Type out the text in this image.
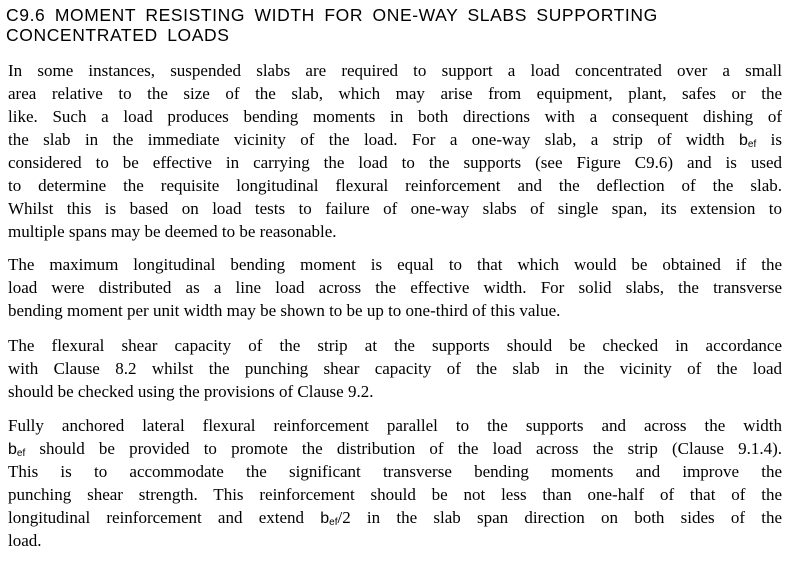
C9.6 MOMENT RESISTING WIDTH FOR ONE-WAY SLABS SUPPORTING
CONCENTRATED LOADS
In some instances, suspended slabs are required to support a load concentrated over a small
area relative to the size of the slab, which may arise from equipment, plant, safes or the
like. Such a load produces bending moments in both directions with a consequent dishing of
the slab in the immediate vicinity of the load. For a one-way slab, a strip of width $b_{ef}$ is
considered to be effective in carrying the load to the supports (see Figure C9.6) and is used
to determine the requisite longitudinal flexural reinforcement and the deflection of the slab.
Whilst this is based on load tests to failure of one-way slabs of single span, its extension to
multiple spans may be deemed to be reasonable.
The maximum longitudinal bending moment is equal to that which would be obtained if the
load were distributed as a line load across the effective width. For solid slabs, the transverse
bending moment per unit width may be shown to be up to one-third of this value.
The flexural shear capacity of the strip at the supports should be checked in accordance
with Clause 8.2 whilst the punching shear capacity of the slab in the vicinity of the load
should be checked using the provisions of Clause 9.2.
Fully anchored lateral flexural reinforcement parallel to the supports and across the width
$b_{ef}$ should be provided to promote the distribution of the load across the strip (Clause 9.1.4).
This is to accommodate the significant transverse bending moments and improve the
punching shear strength. This reinforcement should be not less than one-half of that of the
longitudinal reinforcement and extend $b_{ef}/2$ in the slab span direction on both sides of the
load.
